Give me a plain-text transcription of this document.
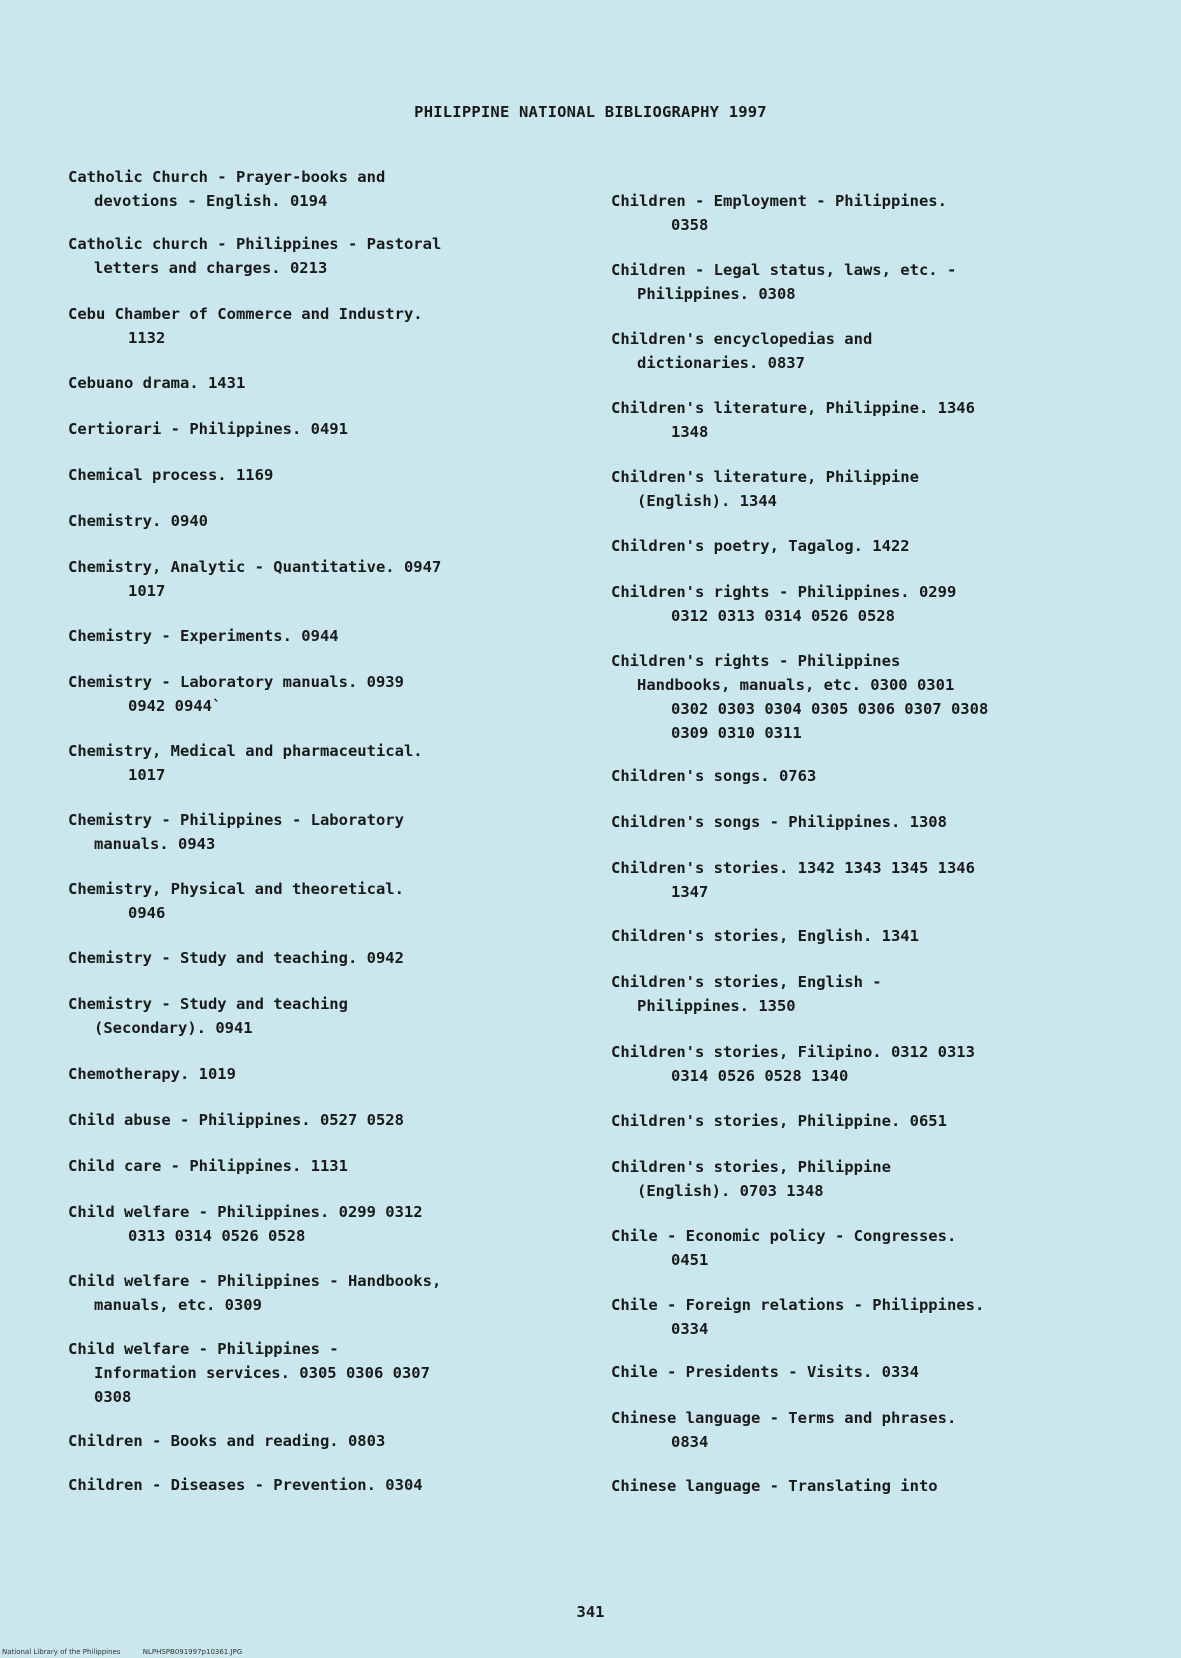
PHILIPPINE NATIONAL BIBLIOGRAPHY 1997
Catholic Church - Prayer-books and
devotions - English. 0194
Catholic church - Philippines - Pastoral
letters and charges. 0213
Cebu Chamber of Commerce and Industry.
1132
Cebuano drama. 1431
Certiorari - Philippines. 0491
Chemical process. 1169
Chemistry. 0940
Chemistry, Analytic - Quantitative. 0947
1017
Chemistry - Experiments. 0944
Chemistry - Laboratory manuals. 0939
0942 0944`
Chemistry, Medical and pharmaceutical.
1017
Chemistry - Philippines - Laboratory
manuals. 0943
Chemistry, Physical and theoretical.
0946
Chemistry - Study and teaching. 0942
Chemistry - Study and teaching
(Secondary). 0941
Chemotherapy. 1019
Child abuse - Philippines. 0527 0528
Child care - Philippines. 1131
Child welfare - Philippines. 0299 0312
0313 0314 0526 0528
Child welfare - Philippines - Handbooks,
manuals, etc. 0309
Child welfare - Philippines -
Information services. 0305 0306 0307
0308
Children - Books and reading. 0803
Children - Diseases - Prevention. 0304
Children - Employment - Philippines.
0358
Children - Legal status, laws, etc. -
Philippines. 0308
Children's encyclopedias and
dictionaries. 0837
Children's literature, Philippine. 1346
1348
Children's literature, Philippine
(English). 1344
Children's poetry, Tagalog. 1422
Children's rights - Philippines. 0299
0312 0313 0314 0526 0528
Children's rights - Philippines
Handbooks, manuals, etc. 0300 0301
0302 0303 0304 0305 0306 0307 0308
0309 0310 0311
Children's songs. 0763
Children's songs - Philippines. 1308
Children's stories. 1342 1343 1345 1346
1347
Children's stories, English. 1341
Children's stories, English -
Philippines. 1350
Children's stories, Filipino. 0312 0313
0314 0526 0528 1340
Children's stories, Philippine. 0651
Children's stories, Philippine
(English). 0703 1348
Chile - Economic policy - Congresses.
0451
Chile - Foreign relations - Philippines.
0334
Chile - Presidents - Visits. 0334
Chinese language - Terms and phrases.
0834
Chinese language - Translating into
341
National Library of the Philippines	NLPHSPB091997p10361.JPG
